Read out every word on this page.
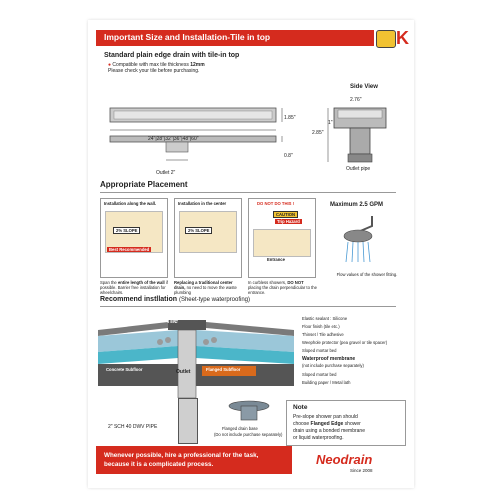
Important Size and Installation-Tile in top	K
Standard plain edge drain with tile-in top
● Compatible with max tile thickness 12mm
Please check your tile before purchasing.
1.85"
24"|28"|32"|36"|48"|60"
0.8"
Outlet 2"
Side View
2.76"
2.85"
1"
Outlet pipe
Appropriate Placement
Installation along the wall.
2% SLOPE
Best Recommended
Span the entire length of the wall if possible. Barrier free installation for wheelchairs.
Installation in the center
2% SLOPE
Replacing a traditional center drain, no need to move the waste plumbing
DO NOT DO THIS !
CAUTION
Trip Hazard
Entrance
In curbless showers, DO NOT placing the drain perpendicular to the entrance.
Maximum 2.5 GPM
Flow values of the shower fitting.
Recommend instllation (Sheet-type waterproofing)
Tile
Concrete Subfloor	Outlet	Flanged Subfloor
Elastic sealant : Silicone
Floor finish (tile etc.)
Thinset / Tile adhesive
Weephole protector (pea gravel or tile spacer)
Sloped mortar bed
Waterproof membrane
(not include purchase separately)
Sloped mortar bed
Building paper / Metal lath
2" SCH 40 DWV PIPE	Flanged drain base
(Do not include purchase separately)
Note
Pre-slope shower pan should
choose Flanged Edge shower
drain using a bonded membrane
or liquid waterproofing.
Whenever possible, hire a professional for the task,
because it is a complicated process.	Neodrain
Since 2008
